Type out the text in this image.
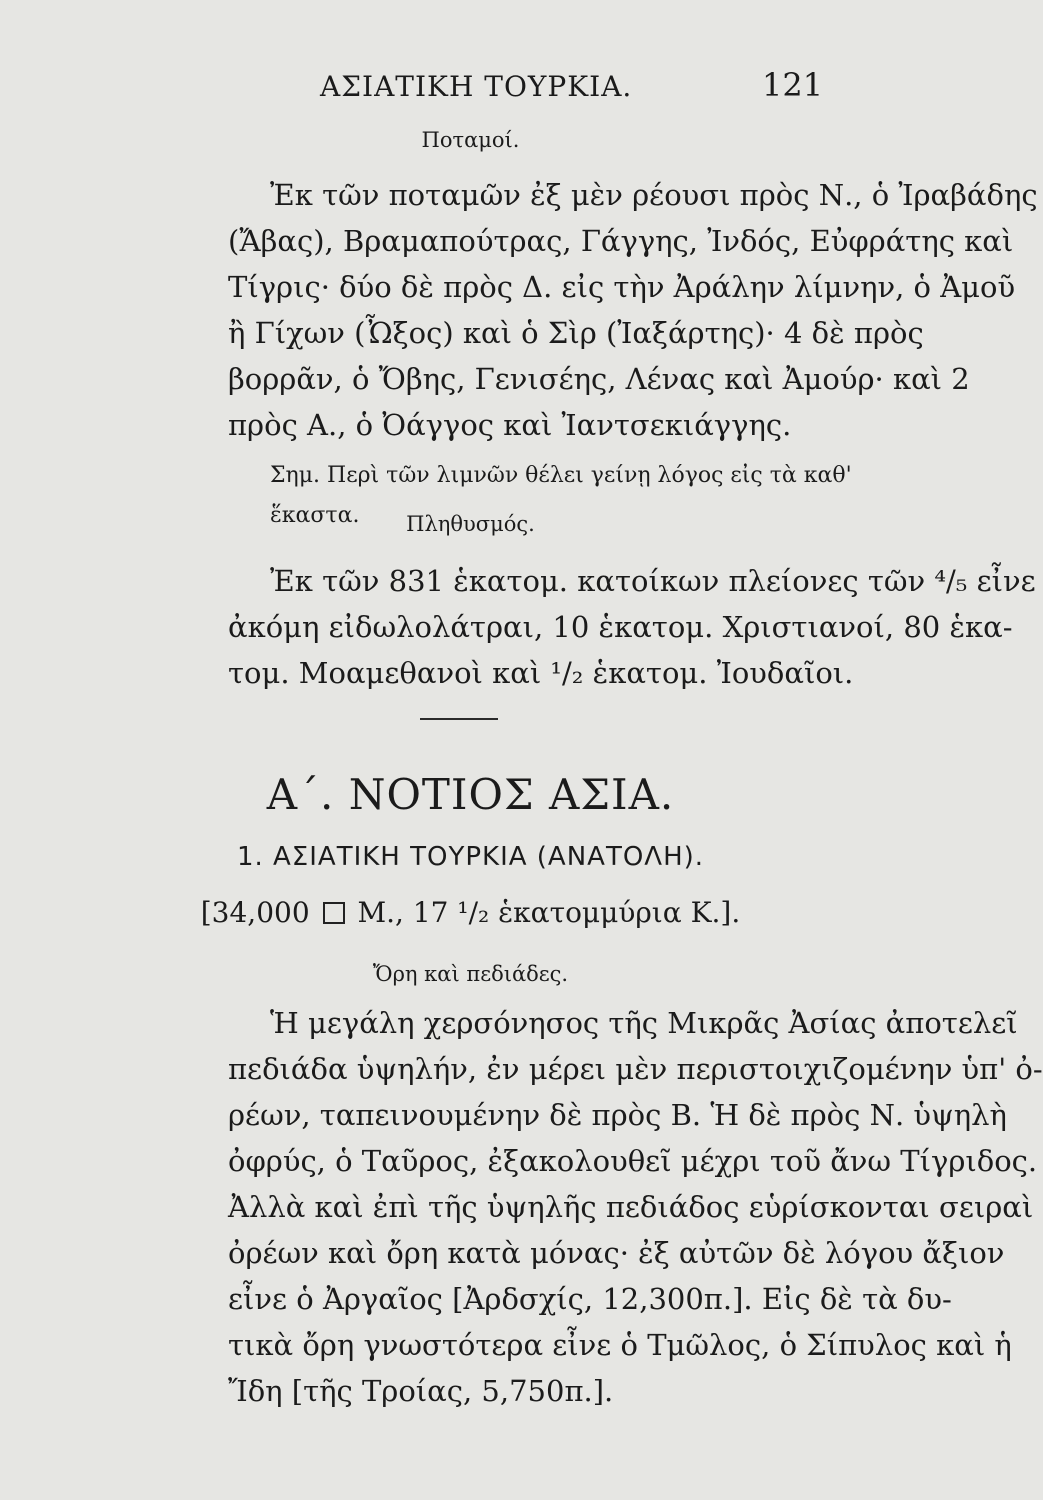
ΑΣΙΑΤΙΚΗ ΤΟΥΡΚΙΑ.	121
Ποταμοί.
Ἐκ τῶν ποταμῶν ἐξ μὲν ρέουσι πρὸς Ν., ὁ Ἰραβάδης
(Ἄβας), Βραμαπούτρας, Γάγγης, Ἰνδός, Εὐφράτης καὶ
Τίγρις· δύο δὲ πρὸς Δ. εἰς τὴν Ἀράλην λίμνην, ὁ Ἀμοῦ
ἢ Γίχων (Ὦξος) καὶ ὁ Σὶρ (Ἰαξάρτης)· 4 δὲ πρὸς
βορρᾶν, ὁ Ὄβης, Γενισέης, Λένας καὶ Ἀμούρ· καὶ 2
πρὸς Α., ὁ Ὀάγγος καὶ Ἰαντσεκιάγγης.
Σημ. Περὶ τῶν λιμνῶν θέλει γείνῃ λόγος εἰς τὰ καθ' ἕκαστα.	Πληθυσμός.
Ἐκ τῶν 831 ἑκατομ. κατοίκων πλείονες τῶν ⁴/₅ εἶνε
ἀκόμη εἰδωλολάτραι, 10 ἑκατομ. Χριστιανοί, 80 ἑκα-
τομ. Μοαμεθανοὶ καὶ ¹/₂ ἑκατομ. Ἰουδαῖοι.
Α΄. ΝΟΤΙΟΣ ΑΣΙΑ.
1. ΑΣΙΑΤΙΚΗ ΤΟΥΡΚΙΑ (ΑΝΑΤΟΛΗ).
[34,000 Μ., 17 ¹/₂ ἑκατομμύρια Κ.].
Ὄρη καὶ πεδιάδες.
Ἡ μεγάλη χερσόνησος τῆς Μικρᾶς Ἀσίας ἀποτελεῖ
πεδιάδα ὑψηλήν, ἐν μέρει μὲν περιστοιχιζομένην ὑπ' ὀ-
ρέων, ταπεινουμένην δὲ πρὸς Β. Ἡ δὲ πρὸς Ν. ὑψηλὴ
ὀφρύς, ὁ Ταῦρος, ἐξακολουθεῖ μέχρι τοῦ ἄνω Τίγριδος.
Ἀλλὰ καὶ ἐπὶ τῆς ὑψηλῆς πεδιάδος εὑρίσκονται σειραὶ
ὀρέων καὶ ὄρη κατὰ μόνας· ἐξ αὐτῶν δὲ λόγου ἄξιον
εἶνε ὁ Ἀργαῖος [Ἀρδσχίς, 12,300π.]. Εἰς δὲ τὰ δυ-
τικὰ ὄρη γνωστότερα εἶνε ὁ Τμῶλος, ὁ Σίπυλος καὶ ἡ
Ἴδη [τῆς Τροίας, 5,750π.].
